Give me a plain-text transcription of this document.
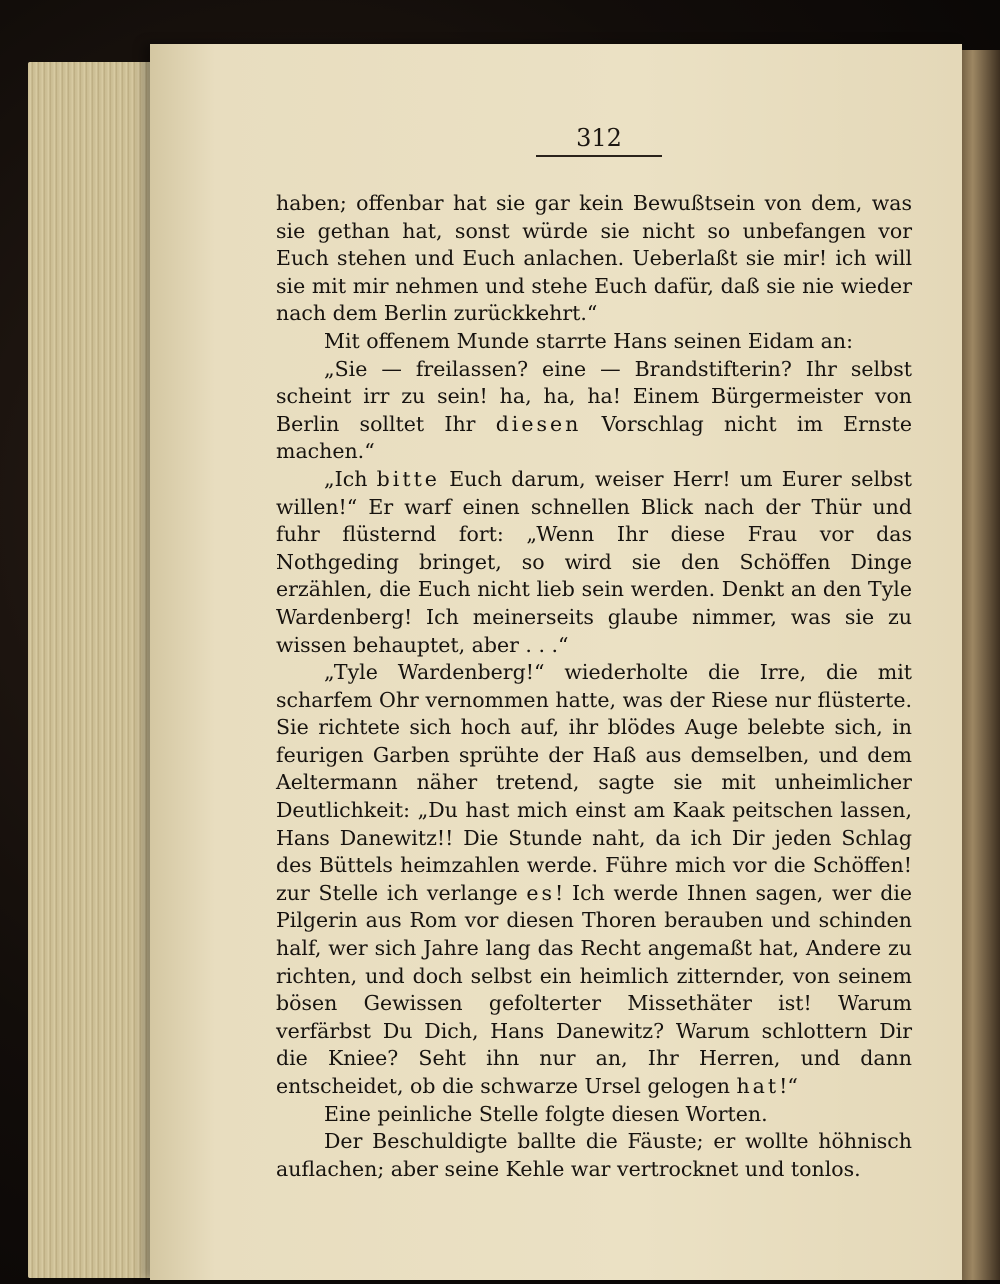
312

haben; offenbar hat sie gar kein Bewußtsein von dem, was sie gethan hat, sonst würde sie nicht so unbefangen vor Euch stehen und Euch anlachen. Ueberlaßt sie mir! ich will sie mit mir nehmen und stehe Euch dafür, daß sie nie wieder nach dem Berlin zurückkehrt.“

Mit offenem Munde starrte Hans seinen Eidam an:

„Sie — freilassen? eine — Brandstifterin? Ihr selbst scheint irr zu sein! ha, ha, ha! Einem Bürgermeister von Berlin solltet Ihr diesen Vorschlag nicht im Ernste machen.“

„Ich bitte Euch darum, weiser Herr! um Eurer selbst willen!“ Er warf einen schnellen Blick nach der Thür und fuhr flüsternd fort: „Wenn Ihr diese Frau vor das Nothgeding bringet, so wird sie den Schöffen Dinge erzählen, die Euch nicht lieb sein werden. Denkt an den Tyle Wardenberg! Ich meinerseits glaube nimmer, was sie zu wissen behauptet, aber . . .“

„Tyle Wardenberg!“ wiederholte die Irre, die mit scharfem Ohr vernommen hatte, was der Riese nur flüsterte. Sie richtete sich hoch auf, ihr blödes Auge belebte sich, in feurigen Garben sprühte der Haß aus demselben, und dem Aeltermann näher tretend, sagte sie mit unheimlicher Deutlichkeit: „Du hast mich einst am Kaak peitschen lassen, Hans Danewitz!! Die Stunde naht, da ich Dir jeden Schlag des Büttels heimzahlen werde. Führe mich vor die Schöffen! zur Stelle ich verlange es! Ich werde Ihnen sagen, wer die Pilgerin aus Rom vor diesen Thoren berauben und schinden half, wer sich Jahre lang das Recht angemaßt hat, Andere zu richten, und doch selbst ein heimlich zitternder, von seinem bösen Gewissen gefolterter Missethäter ist! Warum verfärbst Du Dich, Hans Danewitz? Warum schlottern Dir die Kniee? Seht ihn nur an, Ihr Herren, und dann entscheidet, ob die schwarze Ursel gelogen hat!“

Eine peinliche Stelle folgte diesen Worten.

Der Beschuldigte ballte die Fäuste; er wollte höhnisch auflachen; aber seine Kehle war vertrocknet und tonlos.
